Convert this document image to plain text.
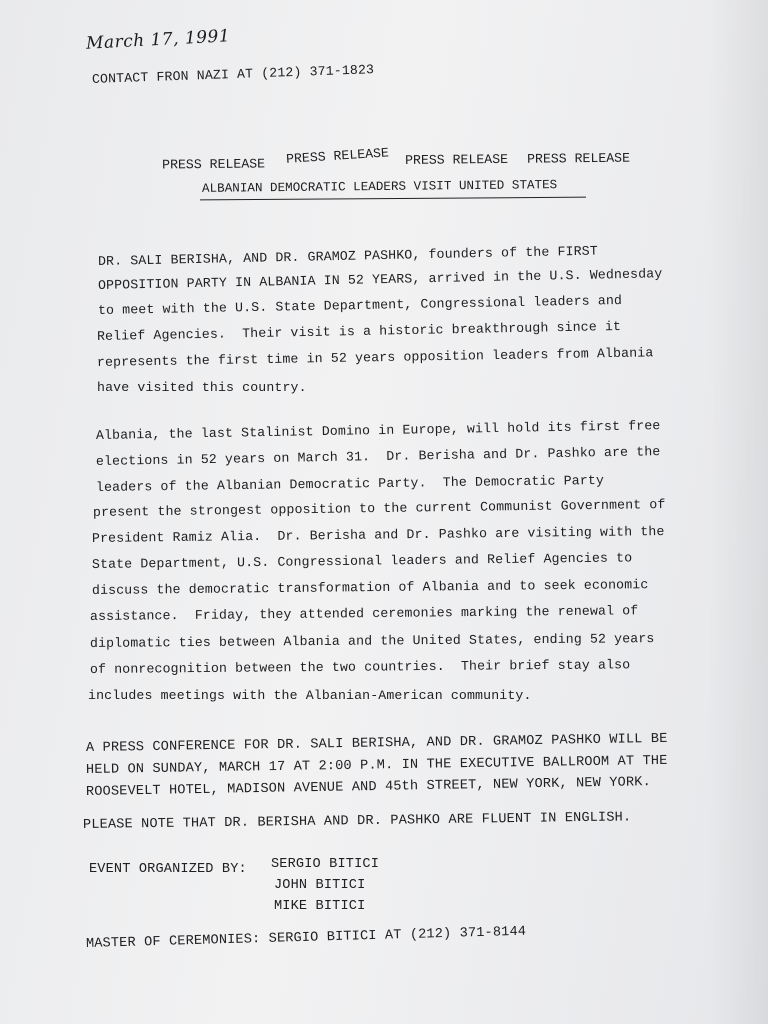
March 17, 1991
CONTACT FRON NAZI AT (212) 371-1823
PRESS RELEASE PRESS RELEASE PRESS RELEASE PRESS RELEASE
ALBANIAN DEMOCRATIC LEADERS VISIT UNITED STATES
DR. SALI BERISHA, AND DR. GRAMOZ PASHKO, founders of the FIRST
OPPOSITION PARTY IN ALBANIA IN 52 YEARS, arrived in the U.S. Wednesday
to meet with the U.S. State Department, Congressional leaders and
Relief Agencies.  Their visit is a historic breakthrough since it
represents the first time in 52 years opposition leaders from Albania
have visited this country.
Albania, the last Stalinist Domino in Europe, will hold its first free
elections in 52 years on March 31.  Dr. Berisha and Dr. Pashko are the
leaders of the Albanian Democratic Party.  The Democratic Party
present the strongest opposition to the current Communist Government of
President Ramiz Alia.  Dr. Berisha and Dr. Pashko are visiting with the
State Department, U.S. Congressional leaders and Relief Agencies to
discuss the democratic transformation of Albania and to seek economic
assistance.  Friday, they attended ceremonies marking the renewal of
diplomatic ties between Albania and the United States, ending 52 years
of nonrecognition between the two countries.  Their brief stay also
includes meetings with the Albanian-American community.
A PRESS CONFERENCE FOR DR. SALI BERISHA, AND DR. GRAMOZ PASHKO WILL BE
HELD ON SUNDAY, MARCH 17 AT 2:00 P.M. IN THE EXECUTIVE BALLROOM AT THE
ROOSEVELT HOTEL, MADISON AVENUE AND 45th STREET, NEW YORK, NEW YORK.
PLEASE NOTE THAT DR. BERISHA AND DR. PASHKO ARE FLUENT IN ENGLISH.
EVENT ORGANIZED BY: SERGIO BITICI
JOHN BITICI
MIKE BITICI
MASTER OF CEREMONIES: SERGIO BITICI AT (212) 371-8144
